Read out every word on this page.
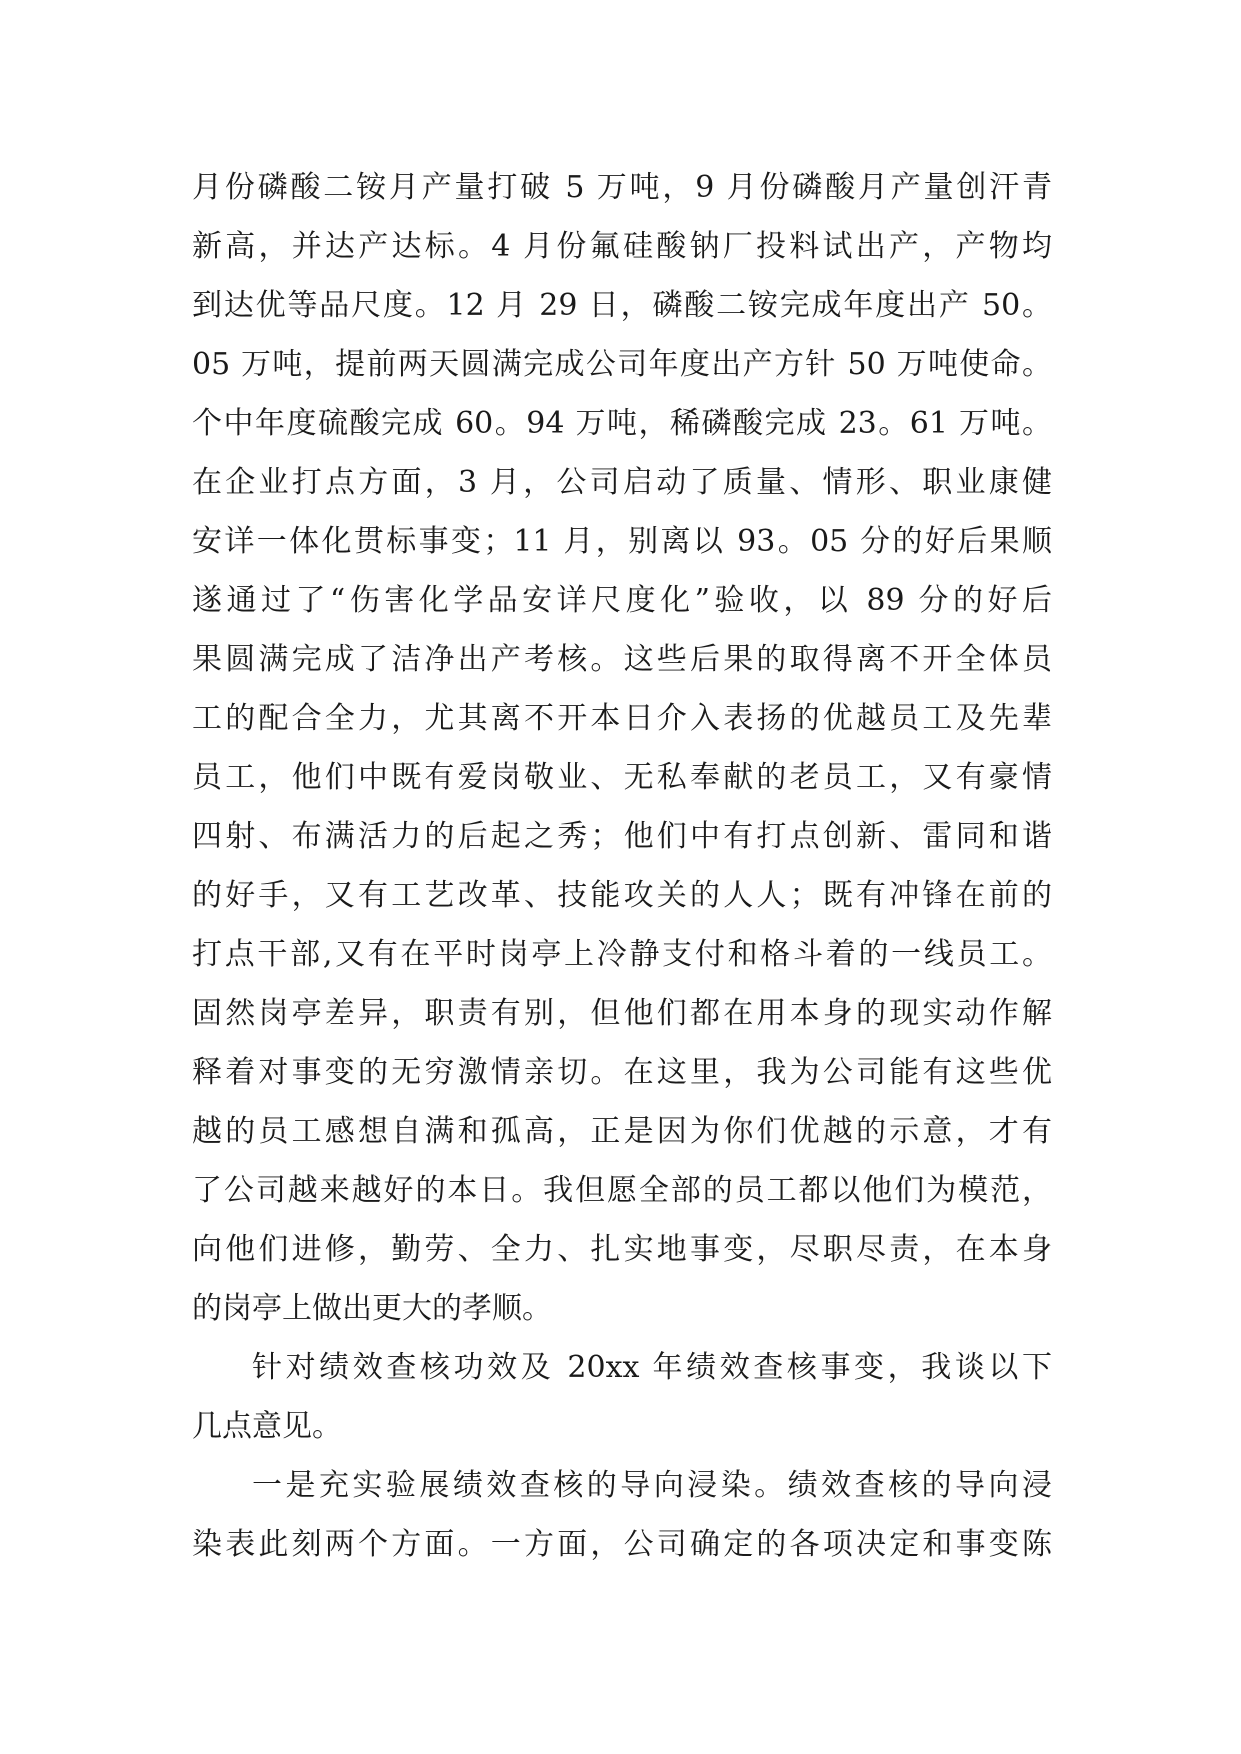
月份磷酸二铵月产量打破 5 万吨，9 月份磷酸月产量创汗青
新高，并达产达标。4 月份氟硅酸钠厂投料试出产，产物均
到达优等品尺度。12 月 29 日，磷酸二铵完成年度出产 50。
05 万吨，提前两天圆满完成公司年度出产方针 50 万吨使命。
个中年度硫酸完成 60。94 万吨，稀磷酸完成 23。61 万吨。
在企业打点方面，3 月，公司启动了质量、情形、职业康健
安详一体化贯标事变；11 月，别离以 93。05 分的好后果顺
遂通过了“伤害化学品安详尺度化”验收，以 89 分的好后
果圆满完成了洁净出产考核。这些后果的取得离不开全体员
工的配合全力，尤其离不开本日介入表扬的优越员工及先辈
员工，他们中既有爱岗敬业、无私奉献的老员工，又有豪情
四射、布满活力的后起之秀；他们中有打点创新、雷同和谐
的好手，又有工艺改革、技能攻关的人人；既有冲锋在前的
打点干部,又有在平时岗亭上冷静支付和格斗着的一线员工。
固然岗亭差异，职责有别，但他们都在用本身的现实动作解
释着对事变的无穷激情亲切。在这里，我为公司能有这些优
越的员工感想自满和孤高，正是因为你们优越的示意，才有
了公司越来越好的本日。我但愿全部的员工都以他们为模范，
向他们进修，勤劳、全力、扎实地事变，尽职尽责，在本身
的岗亭上做出更大的孝顺。
针对绩效查核功效及 20xx 年绩效查核事变，我谈以下
几点意见。
一是充实验展绩效查核的导向浸染。绩效查核的导向浸
染表此刻两个方面。一方面，公司确定的各项决定和事变陈
